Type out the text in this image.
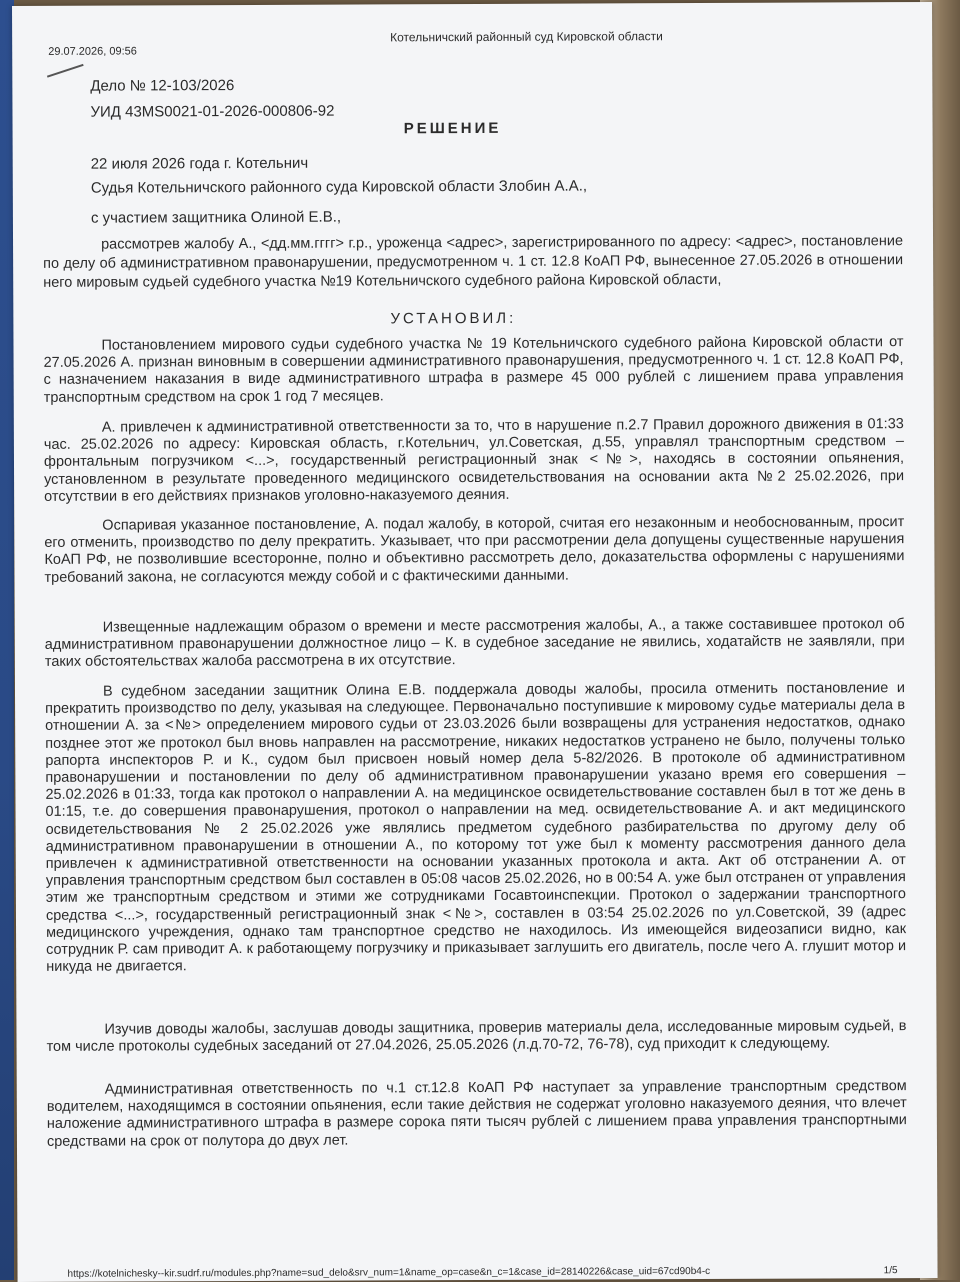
29.07.2026, 09:56
Котельничский районный суд Кировской области
Дело № 12-103/2026
УИД 43MS0021-01-2026-000806-92
РЕШЕНИЕ
22 июля 2026 года г. Котельнич
Судья Котельничского районного суда Кировской области Злобин А.А.,
с участием защитника Олиной Е.В.,
рассмотрев жалобу А., <дд.мм.гггг> г.р., уроженца <адрес>, зарегистрированного по адресу: <адрес>, постановление по делу об административном правонарушении, предусмотренном ч. 1 ст. 12.8 КоАП РФ, вынесенное 27.05.2026 в отношении него мировым судьей судебного участка №19 Котельничского судебного района Кировской области,
УСТАНОВИЛ:
Постановлением мирового судьи судебного участка № 19 Котельничского судебного района Кировской области от 27.05.2026 А. признан виновным в совершении административного правонарушения, предусмотренного ч. 1 ст. 12.8 КоАП РФ, с назначением наказания в виде административного штрафа в размере 45 000 рублей с лишением права управления транспортным средством на срок 1 год 7 месяцев.
А. привлечен к административной ответственности за то, что в нарушение п.2.7 Правил дорожного движения в 01:33 час. 25.02.2026 по адресу: Кировская область, г.Котельнич, ул.Советская, д.55, управлял транспортным средством – фронтальным погрузчиком <...>, государственный регистрационный знак <№>, находясь в состоянии опьянения, установленном в результате проведенного медицинского освидетельствования на основании акта №2 25.02.2026, при отсутствии в его действиях признаков уголовно-наказуемого деяния.
Оспаривая указанное постановление, А. подал жалобу, в которой, считая его незаконным и необоснованным, просит его отменить, производство по делу прекратить. Указывает, что при рассмотрении дела допущены существенные нарушения КоАП РФ, не позволившие всесторонне, полно и объективно рассмотреть дело, доказательства оформлены с нарушениями требований закона, не согласуются между собой и с фактическими данными.
Извещенные надлежащим образом о времени и месте рассмотрения жалобы, А., а также составившее протокол об административном правонарушении должностное лицо – К. в судебное заседание не явились, ходатайств не заявляли, при таких обстоятельствах жалоба рассмотрена в их отсутствие.
В судебном заседании защитник Олина Е.В. поддержала доводы жалобы, просила отменить постановление и прекратить производство по делу, указывая на следующее. Первоначально поступившие к мировому судье материалы дела в отношении А. за <№> определением мирового судьи от 23.03.2026 были возвращены для устранения недостатков, однако позднее этот же протокол был вновь направлен на рассмотрение, никаких недостатков устранено не было, получены только рапорта инспекторов Р. и К., судом был присвоен новый номер дела 5-82/2026. В протоколе об административном правонарушении и постановлении по делу об административном правонарушении указано время его совершения – 25.02.2026 в 01:33, тогда как протокол о направлении А. на медицинское освидетельствование составлен был в тот же день в 01:15, т.е. до совершения правонарушения, протокол о направлении на мед. освидетельствование А. и акт медицинского освидетельствования № 2 25.02.2026 уже являлись предметом судебного разбирательства по другому делу об административном правонарушении в отношении А., по которому тот уже был к моменту рассмотрения данного дела привлечен к административной ответственности на основании указанных протокола и акта. Акт об отстранении А. от управления транспортным средством был составлен в 05:08 часов 25.02.2026, но в 00:54 А. уже был отстранен от управления этим же транспортным средством и этими же сотрудниками Госавтоинспекции. Протокол о задержании транспортного средства <...>, государственный регистрационный знак <№>, составлен в 03:54 25.02.2026 по ул.Советской, 39 (адрес медицинского учреждения, однако там транспортное средство не находилось. Из имеющейся видеозаписи видно, как сотрудник Р. сам приводит А. к работающему погрузчику и приказывает заглушить его двигатель, после чего А. глушит мотор и никуда не двигается.
Изучив доводы жалобы, заслушав доводы защитника, проверив материалы дела, исследованные мировым судьей, в том числе протоколы судебных заседаний от 27.04.2026, 25.05.2026 (л.д.70-72, 76-78), суд приходит к следующему.
Административная ответственность по ч.1 ст.12.8 КоАП РФ наступает за управление транспортным средством водителем, находящимся в состоянии опьянения, если такие действия не содержат уголовно наказуемого деяния, что влечет наложение административного штрафа в размере сорока пяти тысяч рублей с лишением права управления транспортными средствами на срок от полутора до двух лет.
https://kotelnichesky--kir.sudrf.ru/modules.php?name=sud_delo&srv_num=1&name_op=case&n_c=1&case_id=28140226&case_uid=67cd90b4-c	1/5
